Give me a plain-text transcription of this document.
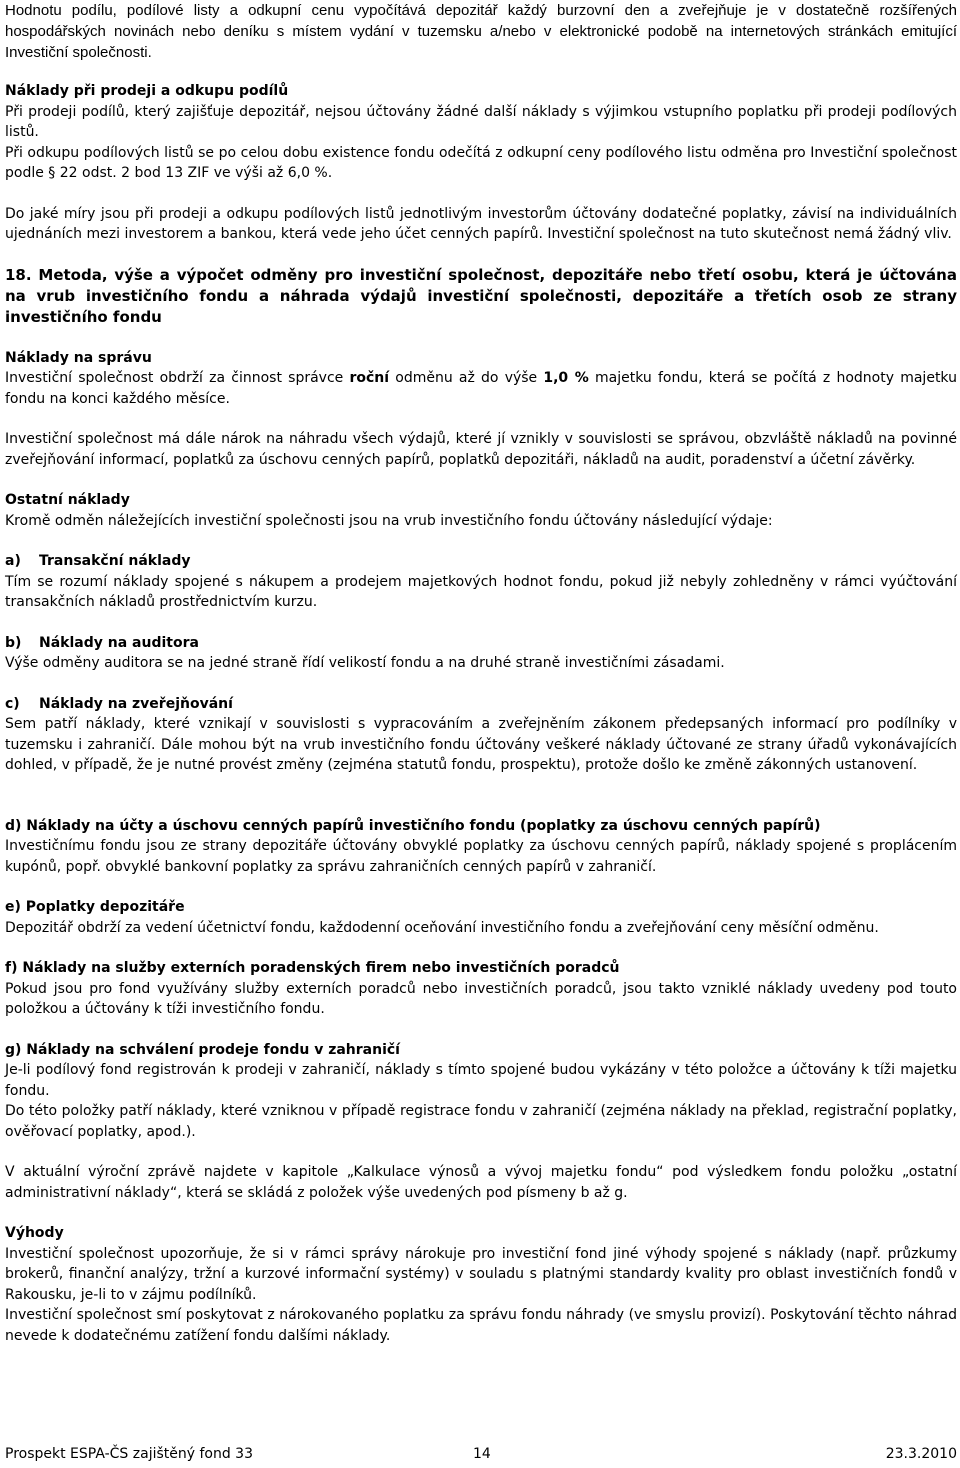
Hodnotu podílu, podílové listy a odkupní cenu vypočítává depozitář každý burzovní den a zveřejňuje je v dostatečně rozšířených hospodářských novinách nebo deníku s místem vydání v tuzemsku a/nebo v elektronické podobě na internetových stránkách emitující Investiční společnosti.

Náklady při prodeji a odkupu podílů

Při prodeji podílů, který zajišťuje depozitář, nejsou účtovány žádné další náklady s výjimkou vstupního poplatku při prodeji podílových listů.

Při odkupu podílových listů se po celou dobu existence fondu odečítá z odkupní ceny podílového listu odměna pro Investiční společnost podle § 22 odst. 2 bod 13 ZIF ve výši až 6,0 %.

Do jaké míry jsou při prodeji a odkupu podílových listů jednotlivým investorům účtovány dodatečné poplatky, závisí na individuálních ujednáních mezi investorem a bankou, která vede jeho účet cenných papírů. Investiční společnost na tuto skutečnost nemá žádný vliv.

18. Metoda, výše a výpočet odměny pro investiční společnost, depozitáře nebo třetí osobu, která je účtována na vrub investičního fondu a náhrada výdajů investiční společnosti, depozitáře a třetích osob ze strany investičního fondu

Náklady na správu

Investiční společnost obdrží za činnost správce roční odměnu až do výše 1,0 % majetku fondu, která se počítá z hodnoty majetku fondu na konci každého měsíce.

Investiční společnost má dále nárok na náhradu všech výdajů, které jí vznikly v souvislosti se správou, obzvláště nákladů na povinné zveřejňování informací, poplatků za úschovu cenných papírů, poplatků depozitáři, nákladů na audit, poradenství a účetní závěrky.

Ostatní náklady

Kromě odměn náležejících investiční společnosti jsou na vrub investičního fondu účtovány následující výdaje:

a) Transakční náklady

Tím se rozumí náklady spojené s nákupem a prodejem majetkových hodnot fondu, pokud již nebyly zohledněny v rámci vyúčtování transakčních nákladů prostřednictvím kurzu.

b) Náklady na auditora

Výše odměny auditora se na jedné straně řídí velikostí fondu a na druhé straně investičními zásadami.

c) Náklady na zveřejňování

Sem patří náklady, které vznikají v souvislosti s vypracováním a zveřejněním zákonem předepsaných informací pro podílníky v tuzemsku i zahraničí. Dále mohou být na vrub investičního fondu účtovány veškeré náklady účtované ze strany úřadů vykonávajících dohled, v případě, že je nutné provést změny (zejména statutů fondu, prospektu), protože došlo ke změně zákonných ustanovení.

d) Náklady na účty a úschovu cenných papírů investičního fondu (poplatky za úschovu cenných papírů)

Investičnímu fondu jsou ze strany depozitáře účtovány obvyklé poplatky za úschovu cenných papírů, náklady spojené s proplácením kupónů, popř. obvyklé bankovní poplatky za správu zahraničních cenných papírů v zahraničí.

e) Poplatky depozitáře

Depozitář obdrží za vedení účetnictví fondu, každodenní oceňování investičního fondu a zveřejňování ceny měsíční odměnu.

f) Náklady na služby externích poradenských firem nebo investičních poradců

Pokud jsou pro fond využívány služby externích poradců nebo investičních poradců, jsou takto vzniklé náklady uvedeny pod touto položkou a účtovány k tíži investičního fondu.

g) Náklady na schválení prodeje fondu v zahraničí

Je-li podílový fond registrován k prodeji v zahraničí, náklady s tímto spojené budou vykázány v této položce a účtovány k tíži majetku fondu.

Do této položky patří náklady, které vzniknou v případě registrace fondu v zahraničí (zejména náklady na překlad, registrační poplatky, ověřovací poplatky, apod.).

V aktuální výroční zprávě najdete v kapitole „Kalkulace výnosů a vývoj majetku fondu“ pod výsledkem fondu položku „ostatní administrativní náklady“, která se skládá z položek výše uvedených pod písmeny b až g.

Výhody

Investiční společnost upozorňuje, že si v rámci správy nárokuje pro investiční fond jiné výhody spojené s náklady (např. průzkumy brokerů, finanční analýzy, tržní a kurzové informační systémy) v souladu s platnými standardy kvality pro oblast investičních fondů v Rakousku, je-li to v zájmu podílníků.

Investiční společnost smí poskytovat z nárokovaného poplatku za správu fondu náhrady (ve smyslu provizí). Poskytování těchto náhrad nevede k dodatečnému zatížení fondu dalšími náklady.

Prospekt ESPA-ČS zajištěný fond 33	14	23.3.2010
